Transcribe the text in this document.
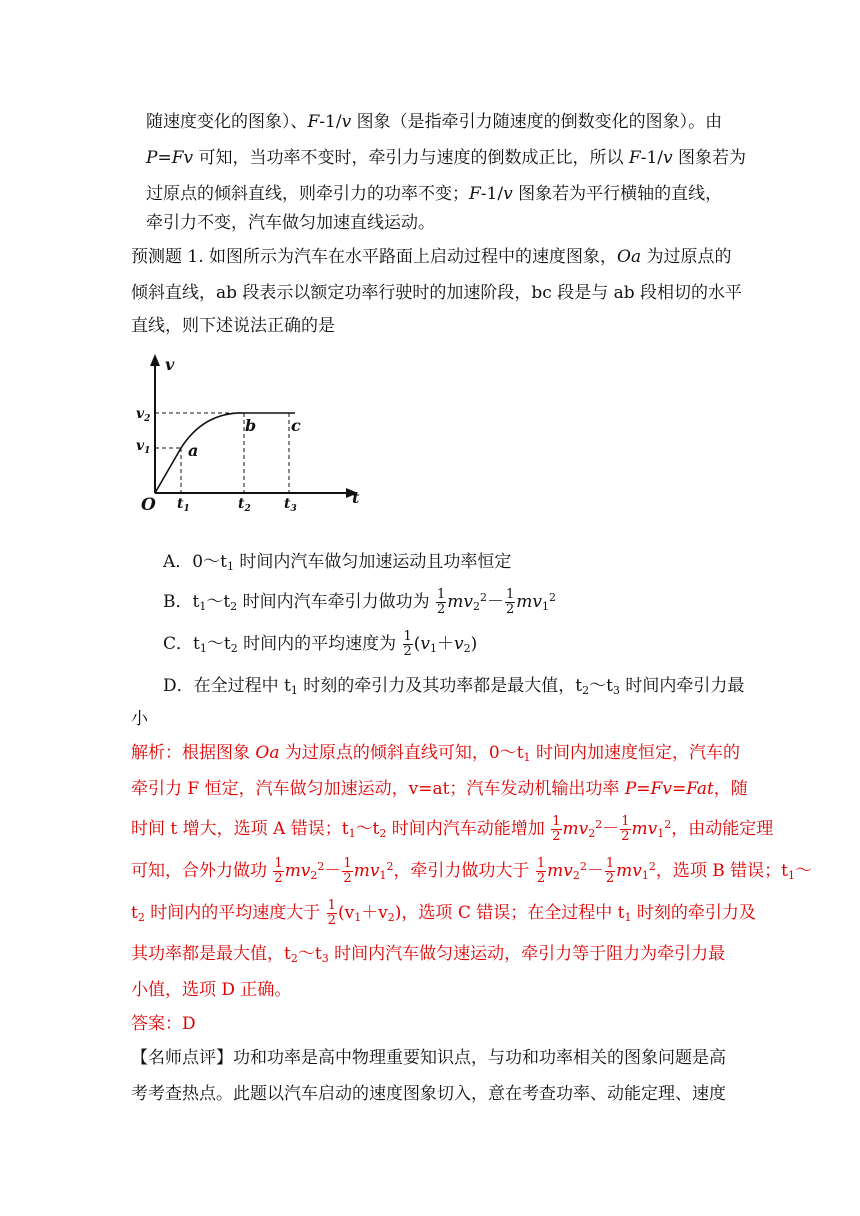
随速度变化的图象）、F-1/v 图象（是指牵引力随速度的倒数变化的图象）。由
P=Fv 可知，当功率不变时，牵引力与速度的倒数成正比，所以 F-1/v 图象若为
过原点的倾斜直线，则牵引力的功率不变；F-1/v 图象若为平行横轴的直线，
牵引力不变，汽车做匀加速直线运动。
预测题 1. 如图所示为汽车在水平路面上启动过程中的速度图象，Oa 为过原点的
倾斜直线，ab 段表示以额定功率行驶时的加速阶段，bc 段是与 ab 段相切的水平
直线，则下述说法正确的是
v
t
O
$v_2$
$v_1$
$t_1$	$t_2$ $t_3$
a
b c
A．$0\sim t_1$ 时间内汽车做匀加速运动且功率恒定
B．$t_1\sim t_2$ 时间内汽车牵引力做功为 $\frac{1}{2} mv_2^2- \frac{1}{2} mv_1^2$
C．$t_1\sim t_2$ 时间内的平均速度为 $\frac{1}{2} (v_1+v_2)$
D．在全过程中 $t_1$ 时刻的牵引力及其功率都是最大值，$t_2\sim t_3$ 时间内牵引力最
小
解析：根据图象 Oa 为过原点的倾斜直线可知，$0\sim t_1$ 时间内加速度恒定，汽车的
牵引力 F 恒定，汽车做匀加速运动，v=at；汽车发动机输出功率 P=Fv=Fat，随
时间 t 增大，选项 A 错误；$t_1\sim t_2$ 时间内汽车动能增加 $\frac{1}{2} mv_2^2- \frac{1}{2} mv_1^2$，由动能定理
可知，合外力做功 $\frac{1}{2} mv_2^2- \frac{1}{2} mv_1^2$，牵引力做功大于 $\frac{1}{2} mv_2^2- \frac{1}{2} mv_1^2$，选项 B 错误；$t_1\sim$
$t_2$ 时间内的平均速度大于 $\frac{1}{2} (v_1+v_2)$，选项 C 错误；在全过程中 $t_1$ 时刻的牵引力及
其功率都是最大值，$t_2\sim t_3$ 时间内汽车做匀速运动，牵引力等于阻力为牵引力最
小值，选项 D 正确。
答案：D
【名师点评】功和功率是高中物理重要知识点，与功和功率相关的图象问题是高
考考查热点。此题以汽车启动的速度图象切入，意在考查功率、动能定理、速度
